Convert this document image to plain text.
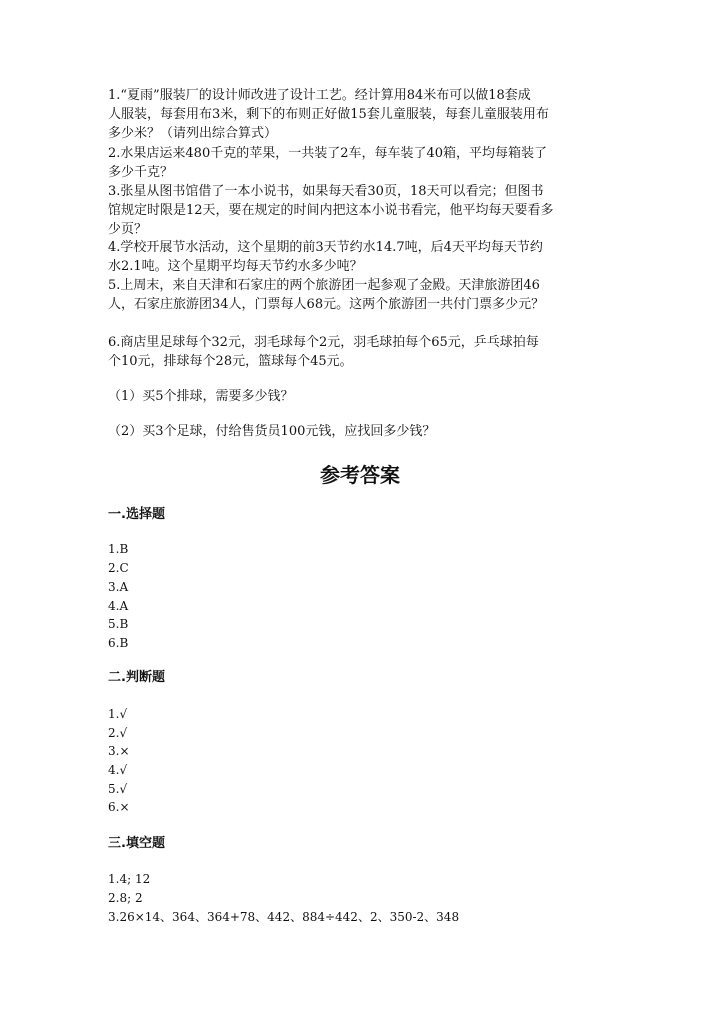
1.“夏雨”服装厂的设计师改进了设计工艺。经计算用84米布可以做18套成
人服装，每套用布3米，剩下的布则正好做15套儿童服装，每套儿童服装用布
多少米？（请列出综合算式）
2.水果店运来480千克的苹果，一共装了2车，每车装了40箱，平均每箱装了
多少千克？
3.张星从图书馆借了一本小说书，如果每天看30页，18天可以看完；但图书
馆规定时限是12天，要在规定的时间内把这本小说书看完，他平均每天要看多
少页？
4.学校开展节水活动，这个星期的前3天节约水14.7吨，后4天平均每天节约
水2.1吨。这个星期平均每天节约水多少吨？
5.上周末，来自天津和石家庄的两个旅游团一起参观了金殿。天津旅游团46
人，石家庄旅游团34人，门票每人68元。这两个旅游团一共付门票多少元？
6.商店里足球每个32元，羽毛球每个2元，羽毛球拍每个65元，乒乓球拍每
个10元，排球每个28元，篮球每个45元。
（1）买5个排球，需要多少钱？
（2）买3个足球，付给售货员100元钱，应找回多少钱？
参考答案
一.选择题
1.B
2.C
3.A
4.A
5.B
6.B
二.判断题
1.√
2.√
3.×
4.√
5.√
6.×
三.填空题
1.4; 12
2.8; 2
3.26×14、364、364+78、442、884÷442、2、350-2、348
